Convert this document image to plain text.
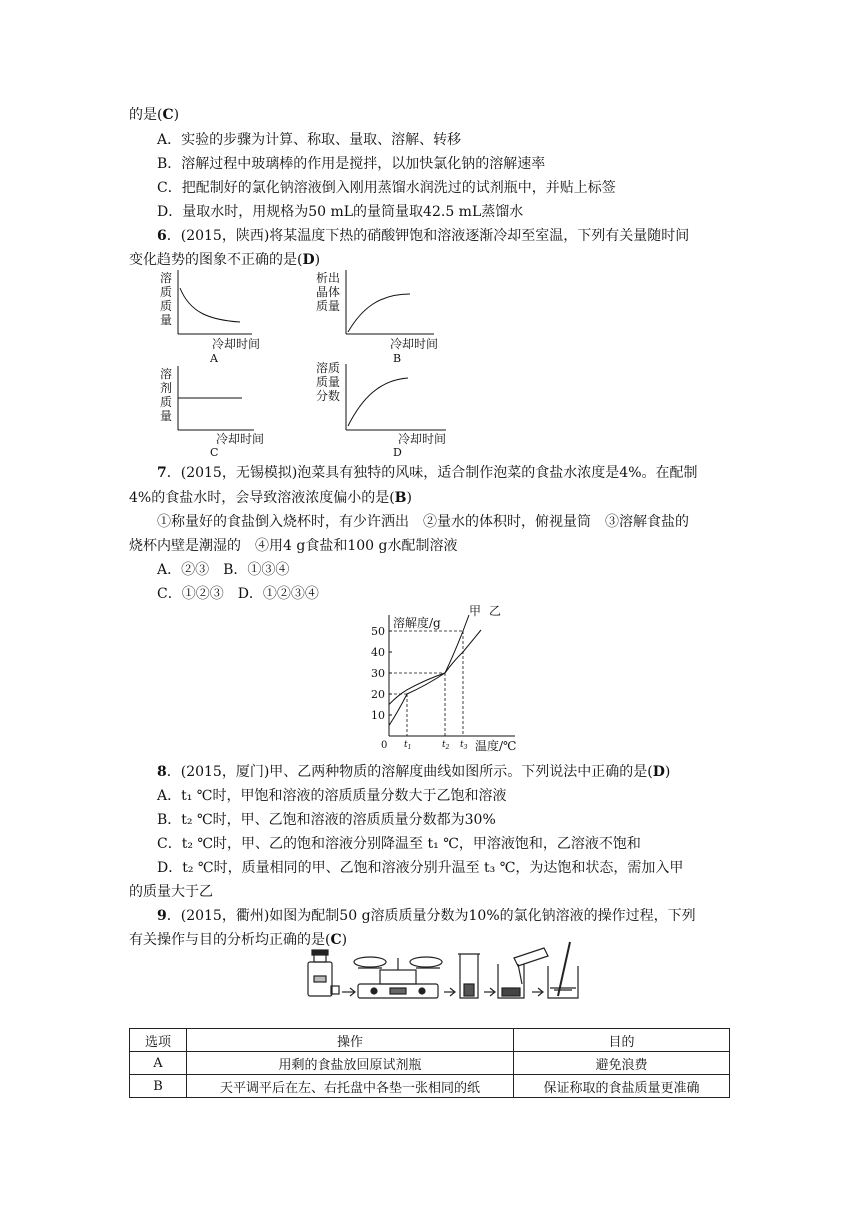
的是(C)
A．实验的步骤为计算、称取、量取、溶解、转移
B．溶解过程中玻璃棒的作用是搅拌，以加快氯化钠的溶解速率
C．把配制好的氯化钠溶液倒入刚用蒸馏水润洗过的试剂瓶中，并贴上标签
D．量取水时，用规格为50 mL的量筒量取42.5 mL蒸馏水
6．(2015，陕西)将某温度下热的硝酸钾饱和溶液逐渐冷却至室温，下列有关量随时间
变化趋势的图象不正确的是(D)
溶
质
质
量
冷却时间
A
析出
晶体
质量
冷却时间
B
溶
剂
质
量
冷却时间
C
溶质
质量
分数
冷却时间
D
7．(2015，无锡模拟)泡菜具有独特的风味，适合制作泡菜的食盐水浓度是4%。在配制
4%的食盐水时，会导致溶液浓度偏小的是(B)
①称量好的食盐倒入烧杯时，有少许洒出　②量水的体积时，俯视量筒　③溶解食盐的
烧杯内壁是潮湿的　④用4 g食盐和100 g水配制溶液
A．②③　B．①③④
C．①②③　D．①②③④
10
20
30
40
50
0
溶解度/g
温度/℃
$t_1$	$t_2$ $t_3$
甲 乙
8．(2015，厦门)甲、乙两种物质的溶解度曲线如图所示。下列说法中正确的是(D)
A．t₁ ℃时，甲饱和溶液的溶质质量分数大于乙饱和溶液
B．t₂ ℃时，甲、乙饱和溶液的溶质质量分数都为30%
C．t₂ ℃时，甲、乙的饱和溶液分别降温至 t₁ ℃，甲溶液饱和，乙溶液不饱和
D．t₂ ℃时，质量相同的甲、乙饱和溶液分别升温至 t₃ ℃，为达饱和状态，需加入甲
的质量大于乙
9．(2015，衢州)如图为配制50 g溶质质量分数为10%的氯化钠溶液的操作过程，下列
有关操作与目的分析均正确的是(C)
选项	操作	目的
A	用剩的食盐放回原试剂瓶	避免浪费
B	天平调平后在左、右托盘中各垫一张相同的纸	保证称取的食盐质量更准确
